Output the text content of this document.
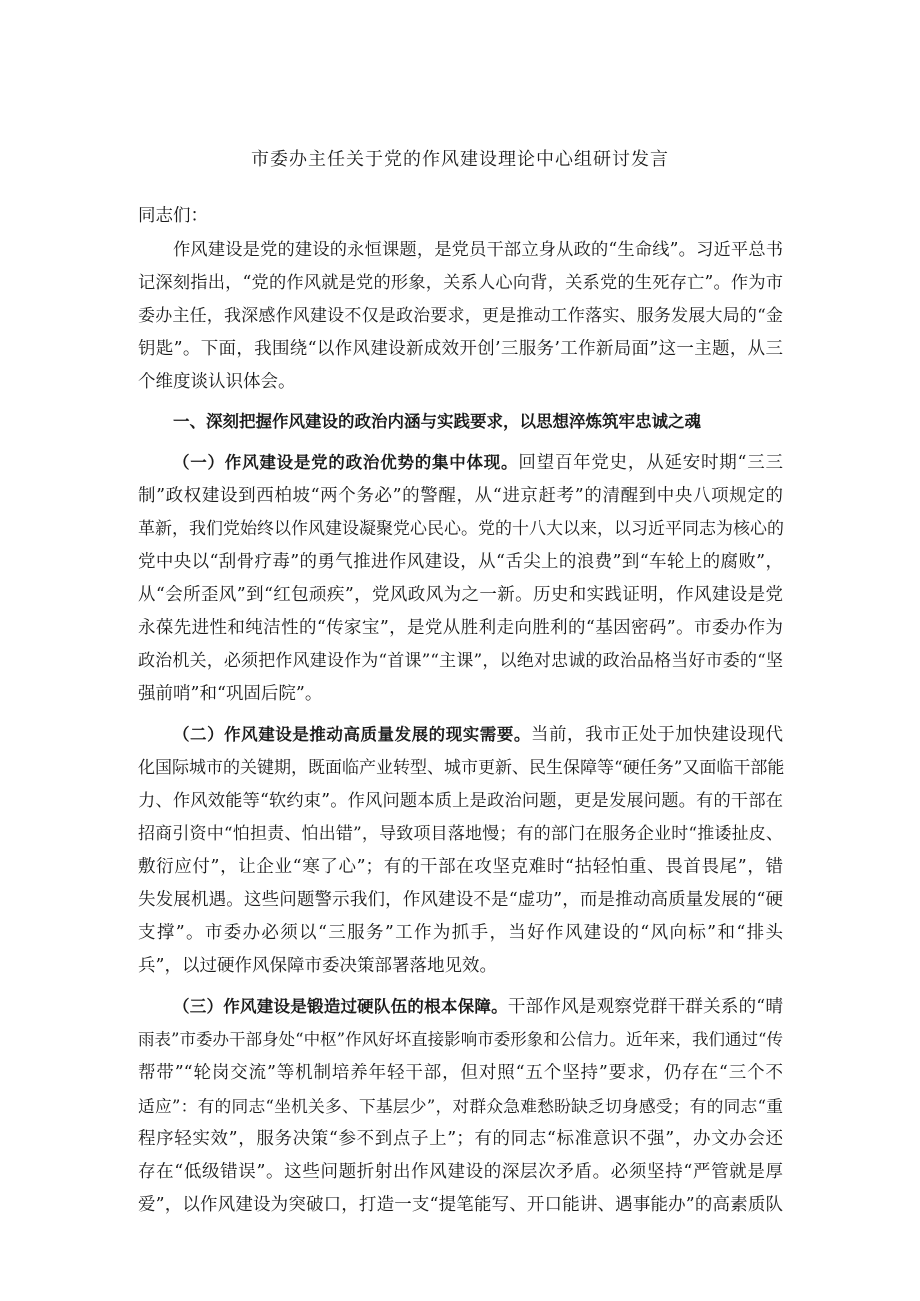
市委办主任关于党的作风建设理论中心组研讨发言
同志们：
作风建设是党的建设的永恒课题，是党员干部立身从政的“生命线”。习近平总书
记深刻指出，“党的作风就是党的形象，关系人心向背，关系党的生死存亡”。作为市
委办主任，我深感作风建设不仅是政治要求，更是推动工作落实、服务发展大局的“金
钥匙”。下面，我围绕“以作风建设新成效开创’三服务’工作新局面”这一主题，从三
个维度谈认识体会。
一、深刻把握作风建设的政治内涵与实践要求，以思想淬炼筑牢忠诚之魂
（一）作风建设是党的政治优势的集中体现。回望百年党史，从延安时期“三三
制”政权建设到西柏坡“两个务必”的警醒，从“进京赶考”的清醒到中央八项规定的
革新，我们党始终以作风建设凝聚党心民心。党的十八大以来，以习近平同志为核心的
党中央以“刮骨疗毒”的勇气推进作风建设，从“舌尖上的浪费”到“车轮上的腐败”，
从“会所歪风”到“红包顽疾”，党风政风为之一新。历史和实践证明，作风建设是党
永葆先进性和纯洁性的“传家宝”，是党从胜利走向胜利的“基因密码”。市委办作为
政治机关，必须把作风建设作为“首课”“主课”，以绝对忠诚的政治品格当好市委的“坚
强前哨”和“巩固后院”。
（二）作风建设是推动高质量发展的现实需要。当前，我市正处于加快建设现代
化国际城市的关键期，既面临产业转型、城市更新、民生保障等“硬任务”又面临干部能
力、作风效能等“软约束”。作风问题本质上是政治问题，更是发展问题。有的干部在
招商引资中“怕担责、怕出错”，导致项目落地慢；有的部门在服务企业时“推诿扯皮、
敷衍应付”，让企业“寒了心”；有的干部在攻坚克难时“拈轻怕重、畏首畏尾”，错
失发展机遇。这些问题警示我们，作风建设不是“虚功”，而是推动高质量发展的“硬
支撑”。市委办必须以“三服务”工作为抓手，当好作风建设的“风向标”和“排头
兵”，以过硬作风保障市委决策部署落地见效。
（三）作风建设是锻造过硬队伍的根本保障。干部作风是观察党群干群关系的“晴
雨表”市委办干部身处“中枢”作风好坏直接影响市委形象和公信力。近年来，我们通过“传
帮带”“轮岗交流”等机制培养年轻干部，但对照“五个坚持”要求，仍存在“三个不
适应”：有的同志“坐机关多、下基层少”，对群众急难愁盼缺乏切身感受；有的同志“重
程序轻实效”，服务决策“参不到点子上”；有的同志“标准意识不强”，办文办会还
存在“低级错误”。这些问题折射出作风建设的深层次矛盾。必须坚持“严管就是厚
爱”，以作风建设为突破口，打造一支“提笔能写、开口能讲、遇事能办”的高素质队
